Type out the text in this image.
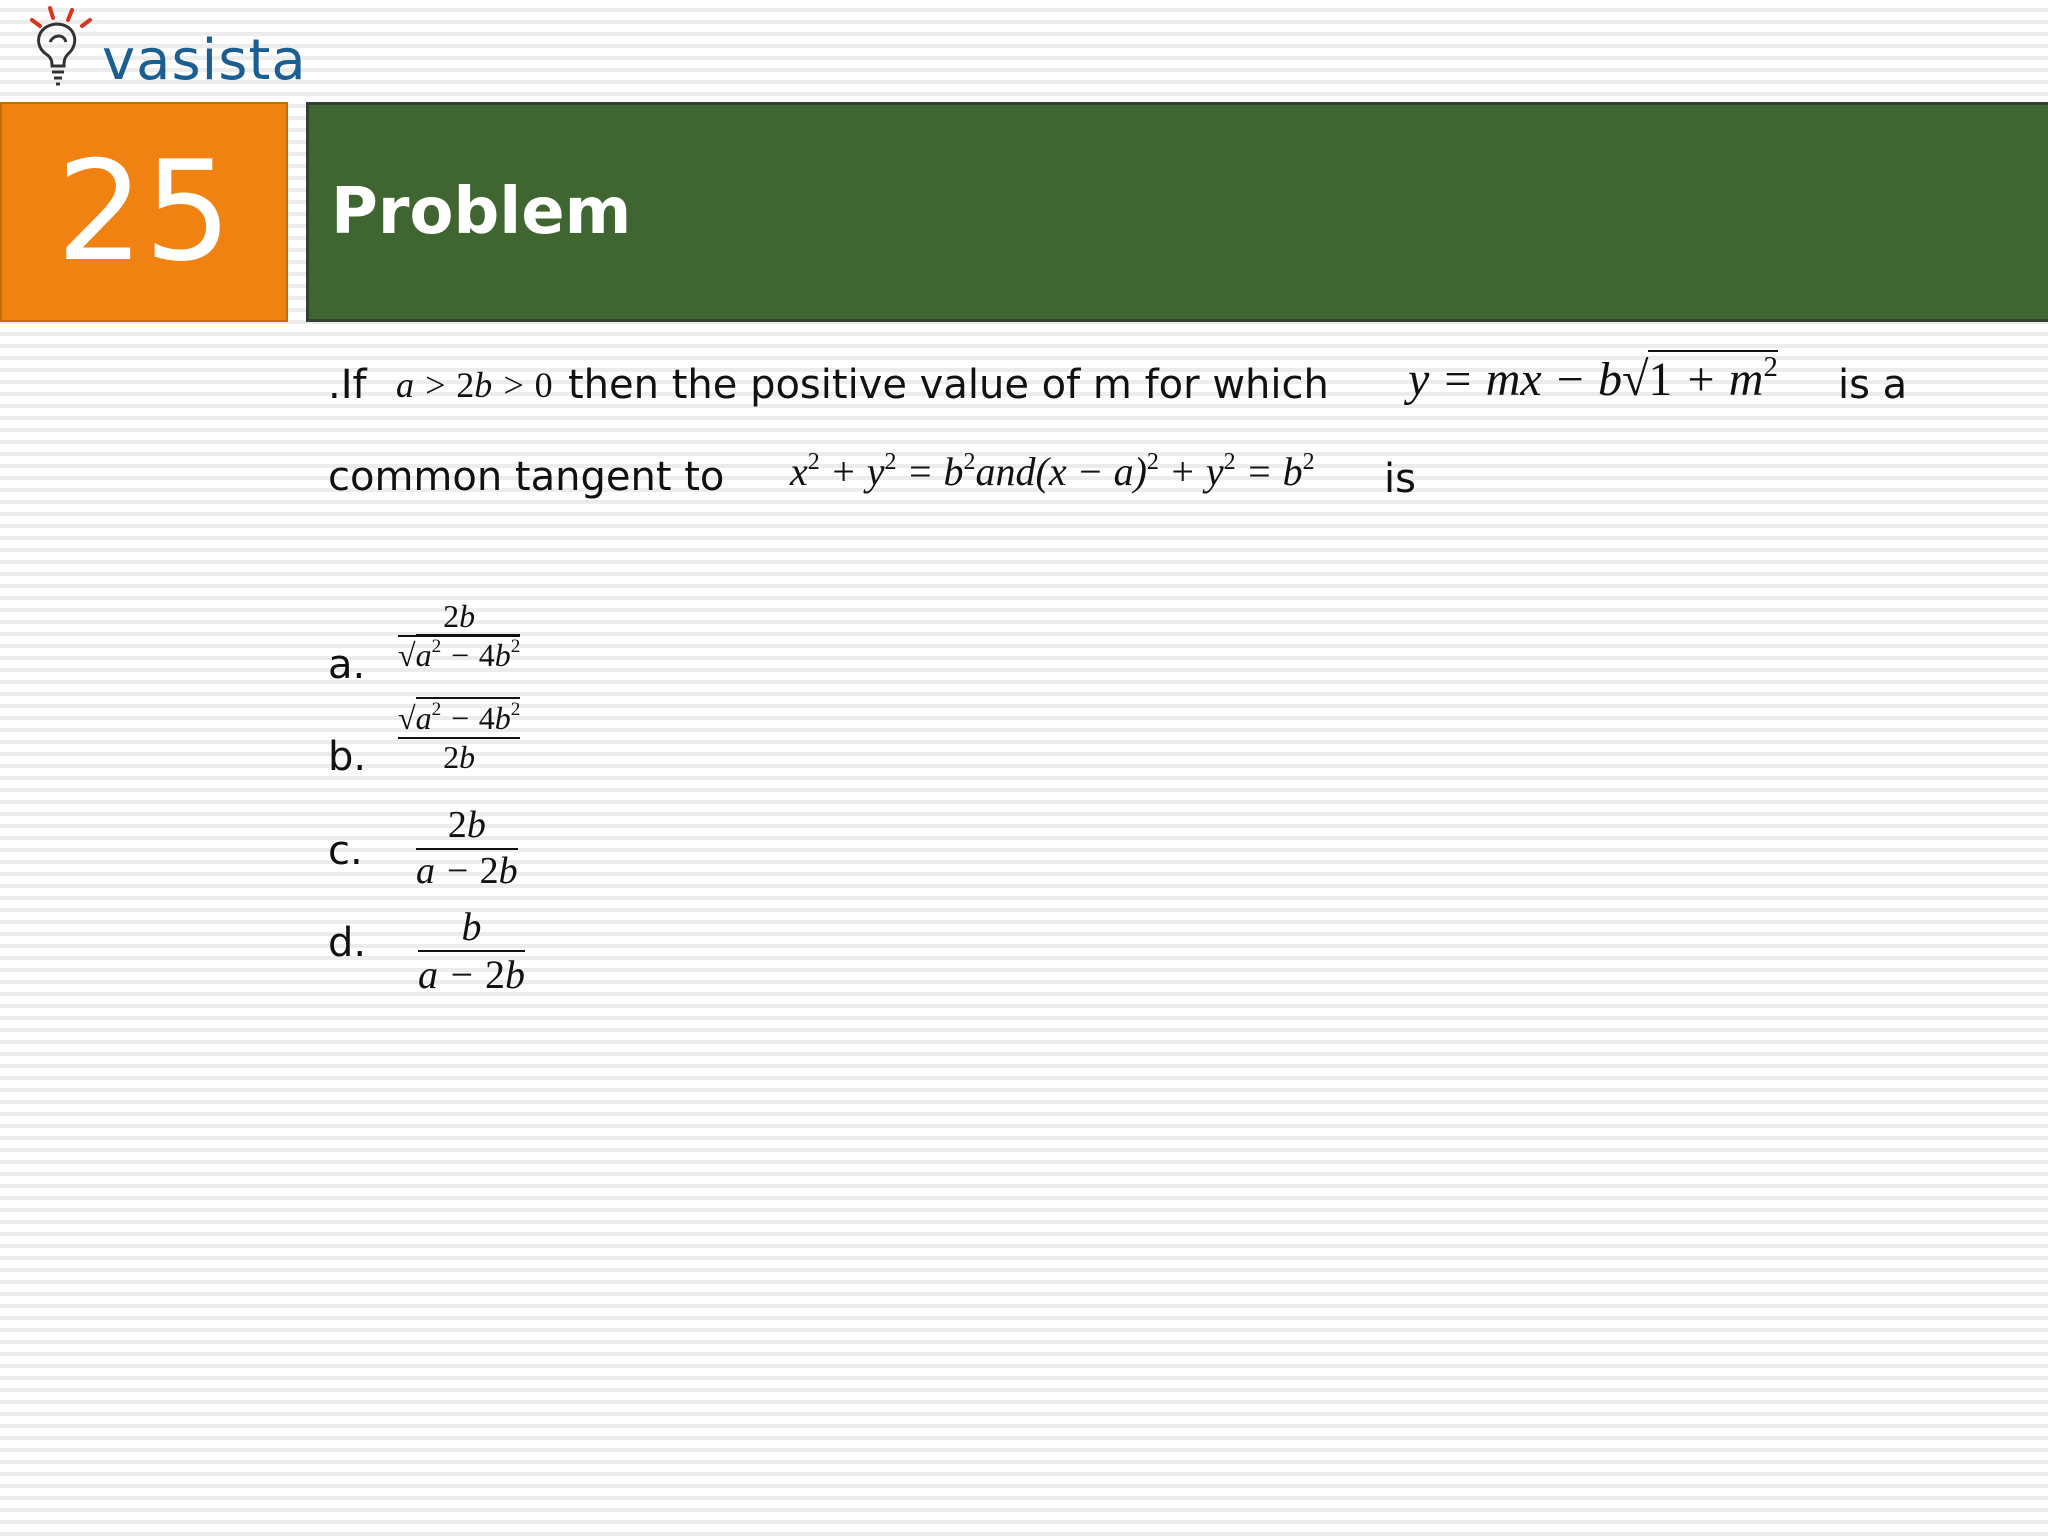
vasista
25	Problem
.If a > 2b > 0 then the positive value of m for which y = mx − $b√1 + m^2$ is a
common tangent to $x^2 + y^2 = b^2and(x - a)^2 + y^2 = b^2$ is
a.
2b
$√a^2 - 4b^2$
b.
$√a^2 - 4b^2$
2b
c.
2b
a − 2b
d. b
a − 2b
